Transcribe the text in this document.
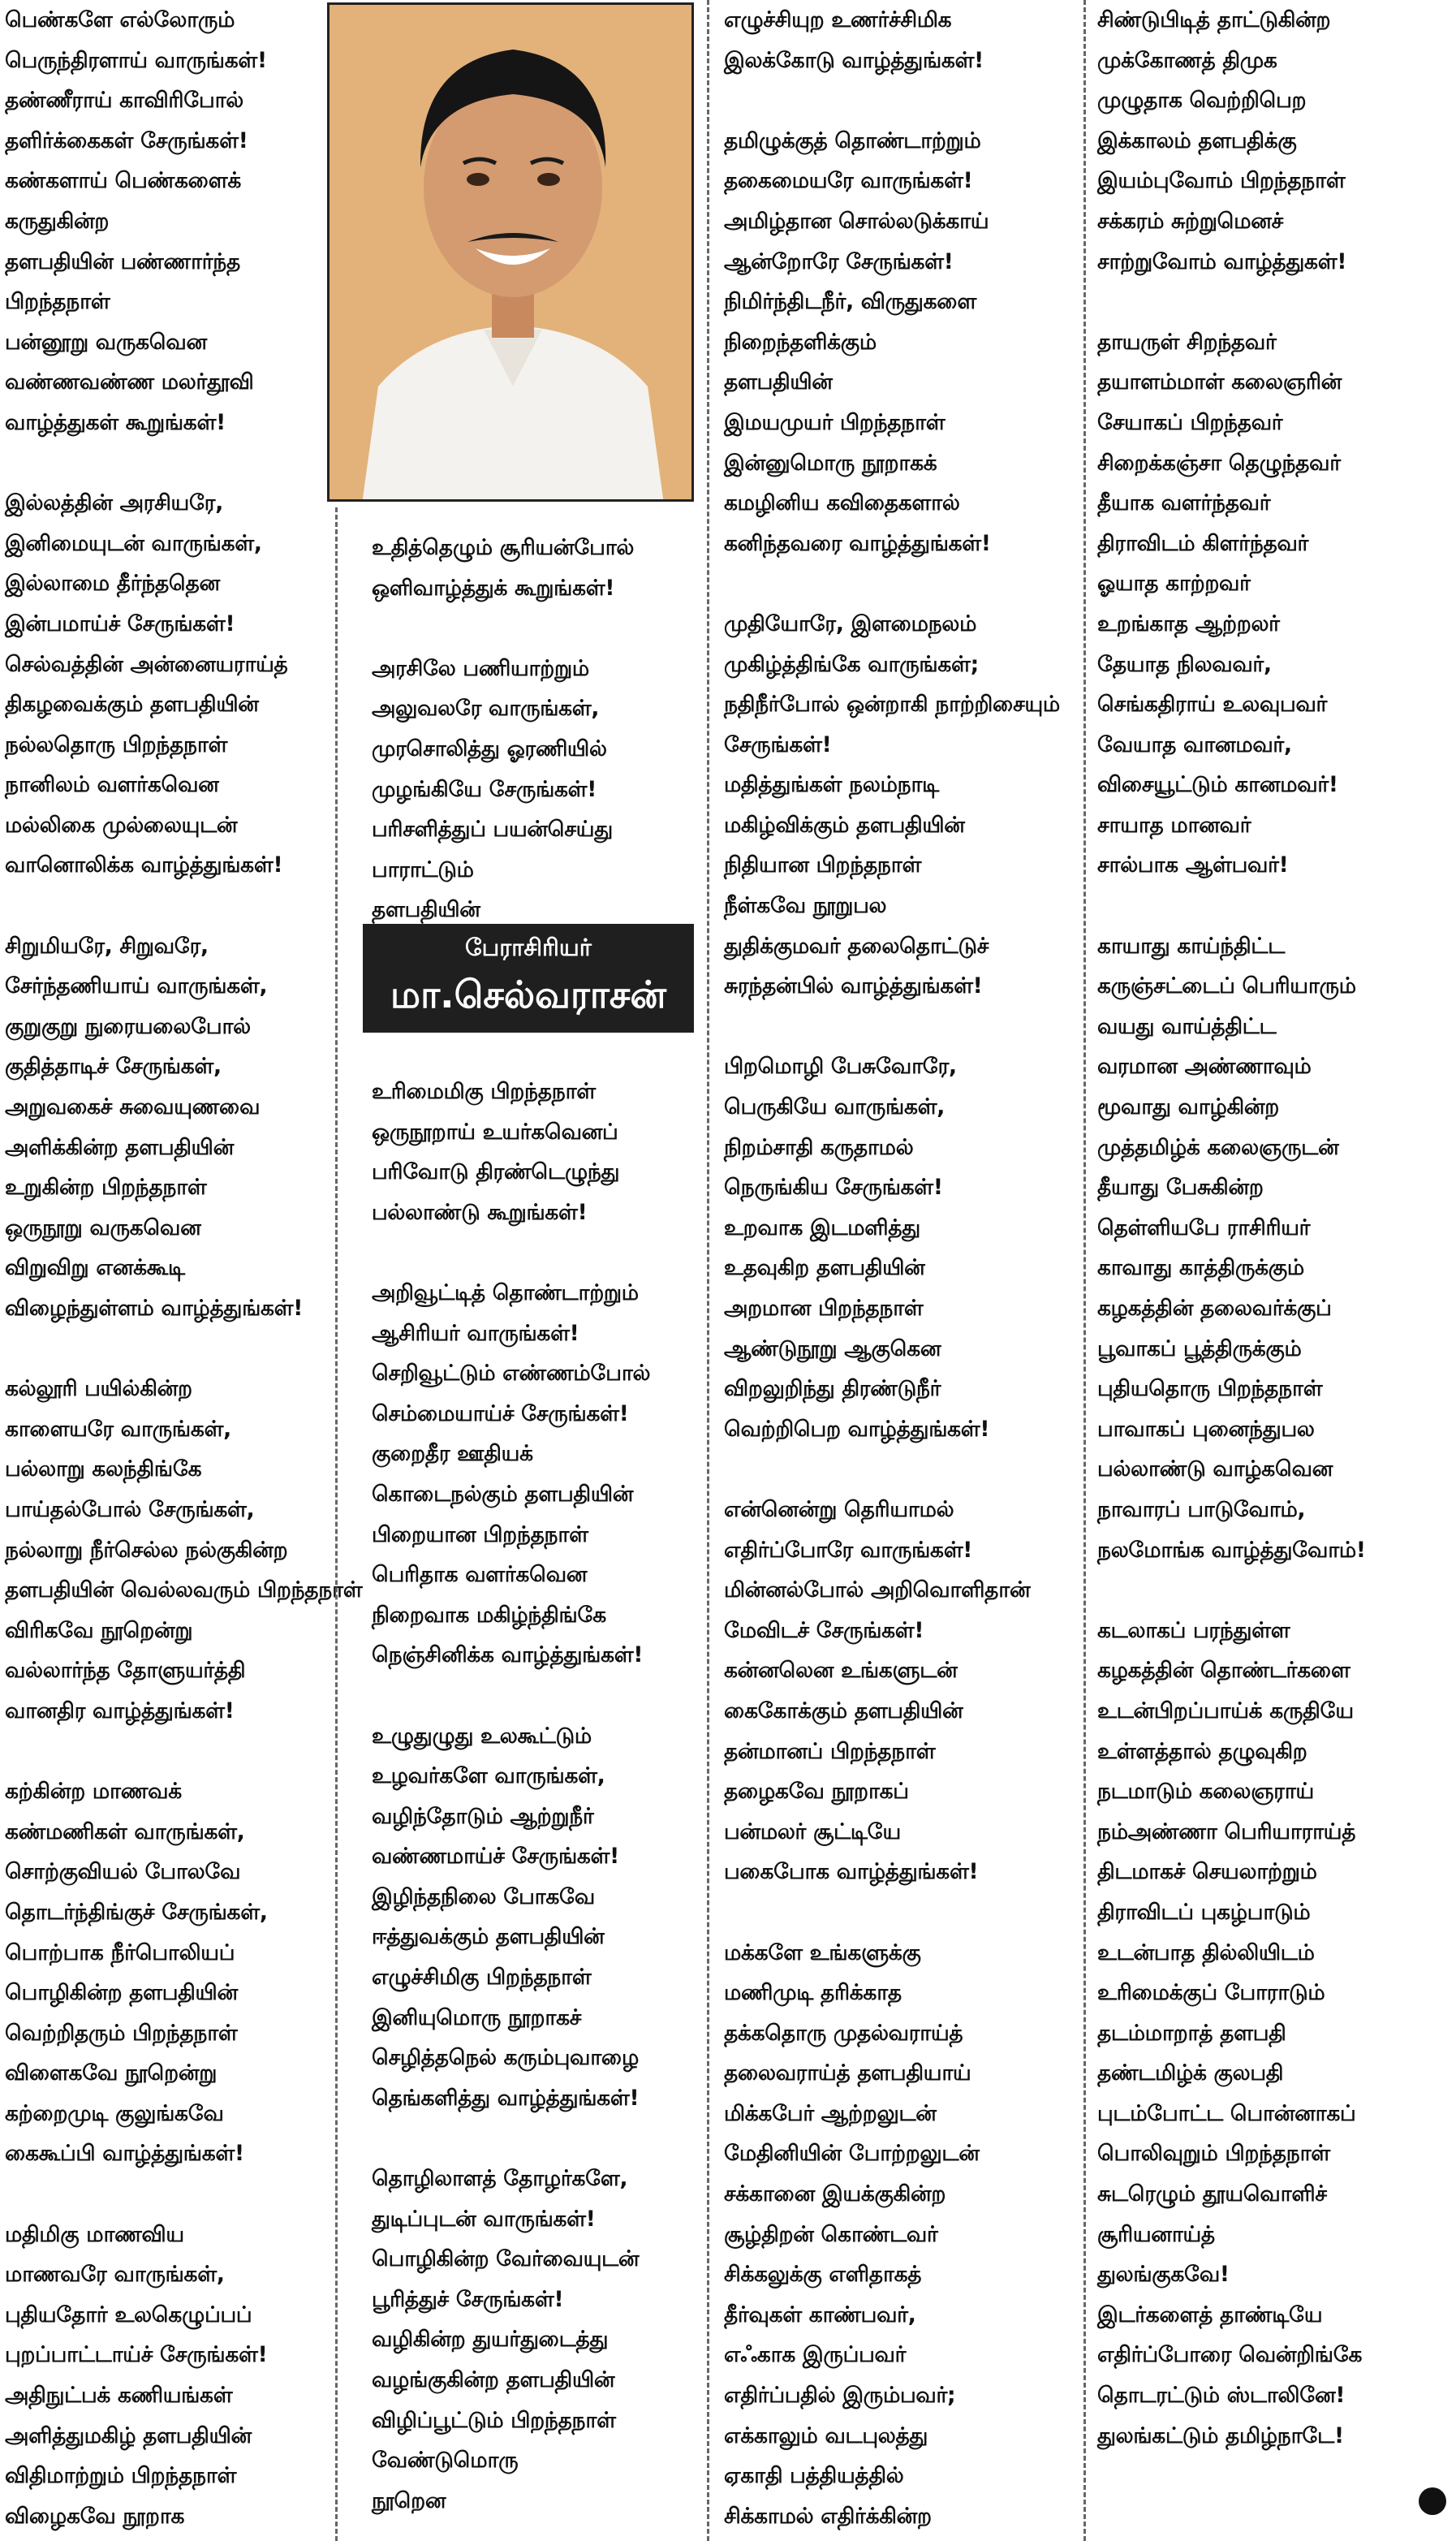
பெண்களே எல்லோரும்
பெருந்திரளாய் வாருங்கள்!
தண்ணீராய் காவிரிபோல்
தளிர்க்கைகள் சேருங்கள்!
கண்களாய் பெண்களைக்
கருதுகின்ற
தளபதியின் பண்ணார்ந்த
பிறந்தநாள்
பன்னூறு வருகவென
வண்ணவண்ண மலர்தூவி
வாழ்த்துகள் கூறுங்கள்!
இல்லத்தின் அரசியரே,
இனிமையுடன் வாருங்கள்,
இல்லாமை தீர்ந்ததென
இன்பமாய்ச் சேருங்கள்!
செல்வத்தின் அன்னையராய்த்
திகழவைக்கும் தளபதியின்
நல்லதொரு பிறந்தநாள்
நானிலம் வளர்கவென
மல்லிகை முல்லையுடன்
வானொலிக்க வாழ்த்துங்கள்!
சிறுமியரே, சிறுவரே,
சேர்ந்தணியாய் வாருங்கள்,
குறுகுறு நுரையலைபோல்
குதித்தாடிச் சேருங்கள்,
அறுவகைச் சுவையுணவை
அளிக்கின்ற தளபதியின்
உறுகின்ற பிறந்தநாள்
ஒருநூறு வருகவென
விறுவிறு எனக்கூடி
விழைந்துள்ளம் வாழ்த்துங்கள்!
கல்லூரி பயில்கின்ற
காளையரே வாருங்கள்,
பல்லாறு கலந்திங்கே
பாய்தல்போல் சேருங்கள்,
நல்லாறு நீர்செல்ல நல்குகின்ற
தளபதியின் வெல்லவரும் பிறந்தநாள்
விரிகவே நூறென்று
வல்லார்ந்த தோளுயர்த்தி
வானதிர வாழ்த்துங்கள்!
கற்கின்ற மாணவக்
கண்மணிகள் வாருங்கள்,
சொற்குவியல் போலவே
தொடர்ந்திங்குச் சேருங்கள்,
பொற்பாக நீர்பொலியப்
பொழிகின்ற தளபதியின்
வெற்றிதரும் பிறந்தநாள்
விளைகவே நூறென்று
கற்றைமுடி குலுங்கவே
கைகூப்பி வாழ்த்துங்கள்!
மதிமிகு மாணவிய
மாணவரே வாருங்கள்,
புதியதோர் உலகெழுப்பப்
புறப்பாட்டாய்ச் சேருங்கள்!
அதிநுட்பக் கணியங்கள்
அளித்துமகிழ் தளபதியின்
விதிமாற்றும் பிறந்தநாள்
விழைகவே நூறாக
உதித்தெழும் சூரியன்போல்
ஒளிவாழ்த்துக் கூறுங்கள்!
அரசிலே பணியாற்றும்
அலுவலரே வாருங்கள்,
முரசொலித்து ஓரணியில்
முழங்கியே சேருங்கள்!
பரிசளித்துப் பயன்செய்து
பாராட்டும்
தளபதியின்
உரிமைமிகு பிறந்தநாள்
ஒருநூறாய் உயர்கவெனப்
பரிவோடு திரண்டெழுந்து
பல்லாண்டு கூறுங்கள்!
அறிவூட்டித் தொண்டாற்றும்
ஆசிரியர் வாருங்கள்!
செறிவூட்டும் எண்ணம்போல்
செம்மையாய்ச் சேருங்கள்!
குறைதீர ஊதியக்
கொடைநல்கும் தளபதியின்
பிறையான பிறந்தநாள்
பெரிதாக வளர்கவென
நிறைவாக மகிழ்ந்திங்கே
நெஞ்சினிக்க வாழ்த்துங்கள்!
உழுதுழுது உலகூட்டும்
உழவர்களே வாருங்கள்,
வழிந்தோடும் ஆற்றுநீர்
வண்ணமாய்ச் சேருங்கள்!
இழிந்தநிலை போகவே
ஈத்துவக்கும் தளபதியின்
எழுச்சிமிகு பிறந்தநாள்
இனியுமொரு நூறாகச்
செழித்தநெல் கரும்புவாழை
தெங்களித்து வாழ்த்துங்கள்!
தொழிலாளத் தோழர்களே,
துடிப்புடன் வாருங்கள்!
பொழிகின்ற வேர்வையுடன்
பூரித்துச் சேருங்கள்!
வழிகின்ற துயர்துடைத்து
வழங்குகின்ற தளபதியின்
விழிப்பூட்டும் பிறந்தநாள்
வேண்டுமொரு
நூறென
எழுச்சியுற உணர்ச்சிமிக
இலக்கோடு வாழ்த்துங்கள்!
தமிழுக்குத் தொண்டாற்றும்
தகைமையரே வாருங்கள்!
அமிழ்தான சொல்லடுக்காய்
ஆன்றோரே சேருங்கள்!
நிமிர்ந்திடநீர், விருதுகளை
நிறைந்தளிக்கும்
தளபதியின்
இமயமுயர் பிறந்தநாள்
இன்னுமொரு நூறாகக்
கமழினிய கவிதைகளால்
கனிந்தவரை வாழ்த்துங்கள்!
முதியோரே, இளமைநலம்
முகிழ்த்திங்கே வாருங்கள்;
நதிநீர்போல் ஒன்றாகி நாற்றிசையும்
சேருங்கள்!
மதித்துங்கள் நலம்நாடி
மகிழ்விக்கும் தளபதியின்
நிதியான பிறந்தநாள்
நீள்கவே நூறுபல
துதிக்குமவர் தலைதொட்டுச்
சுரந்தன்பில் வாழ்த்துங்கள்!
பிறமொழி பேசுவோரே,
பெருகியே வாருங்கள்,
நிறம்சாதி கருதாமல்
நெருங்கிய சேருங்கள்!
உறவாக இடமளித்து
உதவுகிற தளபதியின்
அறமான பிறந்தநாள்
ஆண்டுநூறு ஆகுகென
விறலுறிந்து திரண்டுநீர்
வெற்றிபெற வாழ்த்துங்கள்!
என்னென்று தெரியாமல்
எதிர்ப்போரே வாருங்கள்!
மின்னல்போல் அறிவொளிதான்
மேவிடச் சேருங்கள்!
கன்னலென உங்களுடன்
கைகோக்கும் தளபதியின்
தன்மானப் பிறந்தநாள்
தழைகவே நூறாகப்
பன்மலர் சூட்டியே
பகைபோக வாழ்த்துங்கள்!
மக்களே உங்களுக்கு
மணிமுடி தரிக்காத
தக்கதொரு முதல்வராய்த்
தலைவராய்த் தளபதியாய்
மிக்கபேர் ஆற்றலுடன்
மேதினியின் போற்றலுடன்
சக்கானை இயக்குகின்ற
சூழ்திறன் கொண்டவர்
சிக்கலுக்கு எளிதாகத்
தீர்வுகள் காண்பவர்,
எஃகாக இருப்பவர்
எதிர்ப்பதில் இரும்பவர்;
எக்காலும் வடபுலத்து
ஏகாதி பத்தியத்தில்
சிக்காமல் எதிர்க்கின்ற
சிண்டுபிடித் தாட்டுகின்ற
முக்கோணத் திமுக
முழுதாக வெற்றிபெற
இக்காலம் தளபதிக்கு
இயம்புவோம் பிறந்தநாள்
சக்கரம் சுற்றுமெனச்
சாற்றுவோம் வாழ்த்துகள்!
தாயருள் சிறந்தவர்
தயாளம்மாள் கலைஞரின்
சேயாகப் பிறந்தவர்
சிறைக்கஞ்சா தெழுந்தவர்
தீயாக வளர்ந்தவர்
திராவிடம் கிளர்ந்தவர்
ஓயாத காற்றவர்
உறங்காத ஆற்றலர்
தேயாத நிலவவர்,
செங்கதிராய் உலவுபவர்
வேயாத வானமவர்,
விசையூட்டும் கானமவர்!
சாயாத மானவர்
சால்பாக ஆள்பவர்!
காயாது காய்ந்திட்ட
கருஞ்சட்டைப் பெரியாரும்
வயது வாய்த்திட்ட
வரமான அண்ணாவும்
மூவாது வாழ்கின்ற
முத்தமிழ்க் கலைஞருடன்
தீயாது பேசுகின்ற
தெள்ளியபே ராசிரியர்
காவாது காத்திருக்கும்
கழகத்தின் தலைவர்க்குப்
பூவாகப் பூத்திருக்கும்
புதியதொரு பிறந்தநாள்
பாவாகப் புனைந்துபல
பல்லாண்டு வாழ்கவென
நாவாரப் பாடுவோம்,
நலமோங்க வாழ்த்துவோம்!
கடலாகப் பரந்துள்ள
கழகத்தின் தொண்டர்களை
உடன்பிறப்பாய்க் கருதியே
உள்ளத்தால் தழுவுகிற
நடமாடும் கலைஞராய்
நம்அண்ணா பெரியாராய்த்
திடமாகச் செயலாற்றும்
திராவிடப் புகழ்பாடும்
உடன்பாத தில்லியிடம்
உரிமைக்குப் போராடும்
தடம்மாறாத் தளபதி
தண்டமிழ்க் குலபதி
புடம்போட்ட பொன்னாகப்
பொலிவுறும் பிறந்தநாள்
சுடரெழும் தூயவொளிச்
சூரியனாய்த்
துலங்குகவே!
இடர்களைத் தாண்டியே
எதிர்ப்போரை வென்றிங்கே
தொடரட்டும் ஸ்டாலினே!
துலங்கட்டும் தமிழ்நாடே!
பேராசிரியர்
மா.செல்வராசன்
